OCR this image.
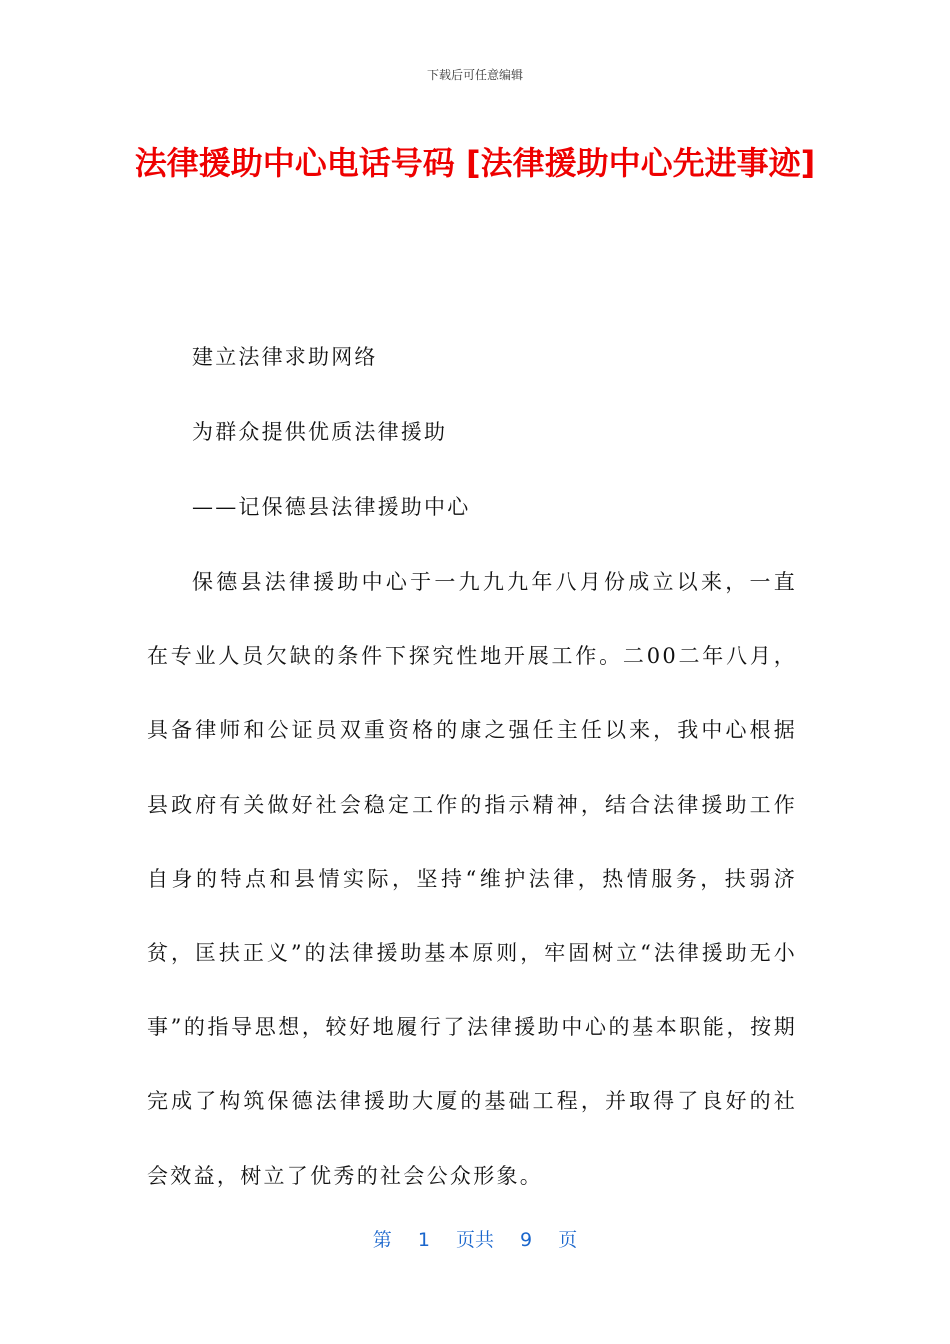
下载后可任意编辑
法律援助中心电话号码 [法律援助中心先进事迹]
建立法律求助网络
为群众提供优质法律援助
——记保德县法律援助中心

保德县法律援助中心于一九九九年八月份成立以来，一直在专业人员欠缺的条件下探究性地开展工作。二00二年八月，具备律师和公证员双重资格的康之强任主任以来，我中心根据县政府有关做好社会稳定工作的指示精神，结合法律援助工作自身的特点和县情实际，坚持“维护法律，热情服务，扶弱济贫，匡扶正义”的法律援助基本原则，牢固树立“法律援助无小事”的指导思想，较好地履行了法律援助中心的基本职能，按期完成了构筑保德法律援助大厦的基础工程，并取得了良好的社会效益，树立了优秀的社会公众形象。

第 1 页共 9 页
